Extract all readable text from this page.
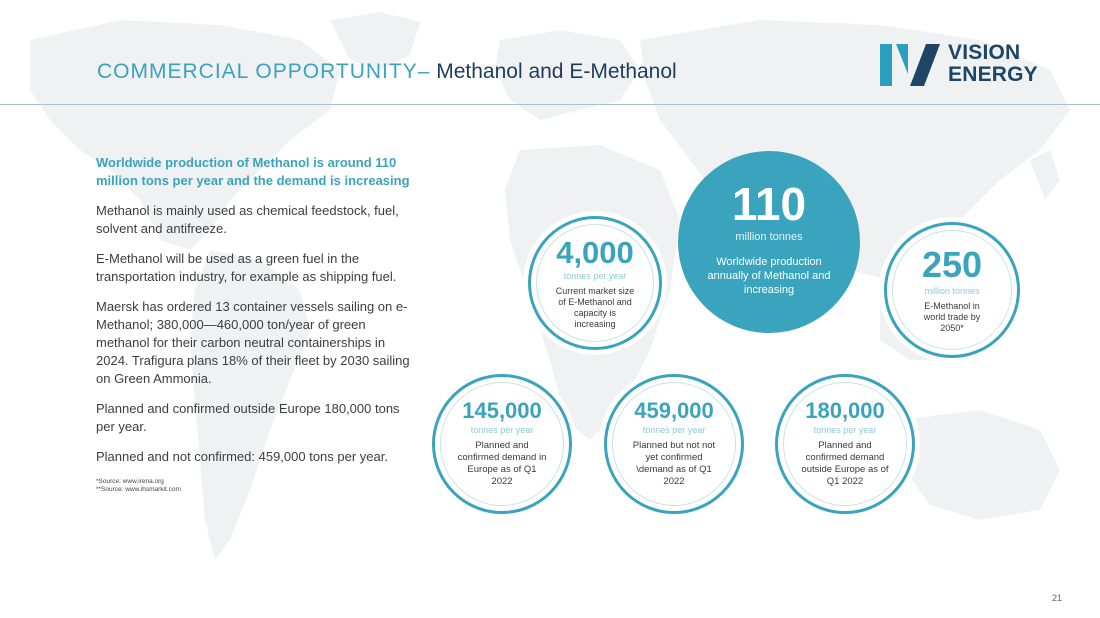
COMMERCIAL OPPORTUNITY– Methanol and E-Methanol
VISION
ENERGY

Worldwide production of Methanol is around 110 million tons per year and the demand is increasing

Methanol is mainly used as chemical feedstock, fuel, solvent and antifreeze.

E-Methanol will be used as a green fuel in the transportation industry, for example as shipping fuel.

Maersk has ordered 13 container vessels sailing on e-Methanol; 380,000—460,000 ton/year of green methanol for their carbon neutral containerships in 2024. Trafigura plans 18% of their fleet by 2030 sailing on Green Ammonia.

Planned and confirmed outside Europe 180,000 tons per year.

Planned and not confirmed: 459,000 tons per year.

*Source: www.irena.org

**Source: www.ihsmarkit.com

110
million tonnes
Worldwide production annually of Methanol and increasing
4,000
tonnes per year
Current market size of E-Methanol and capacity is increasing
250
million tonnes
E-Methanol in world trade by 2050*
145,000
tonnes per year
Planned and confirmed demand in Europe as of Q1 2022
459,000
tonnes per year
Planned but not not yet confirmed \demand as of Q1 2022
180,000
tonnes per year
Planned and confirmed demand outside Europe as of Q1 2022
21
